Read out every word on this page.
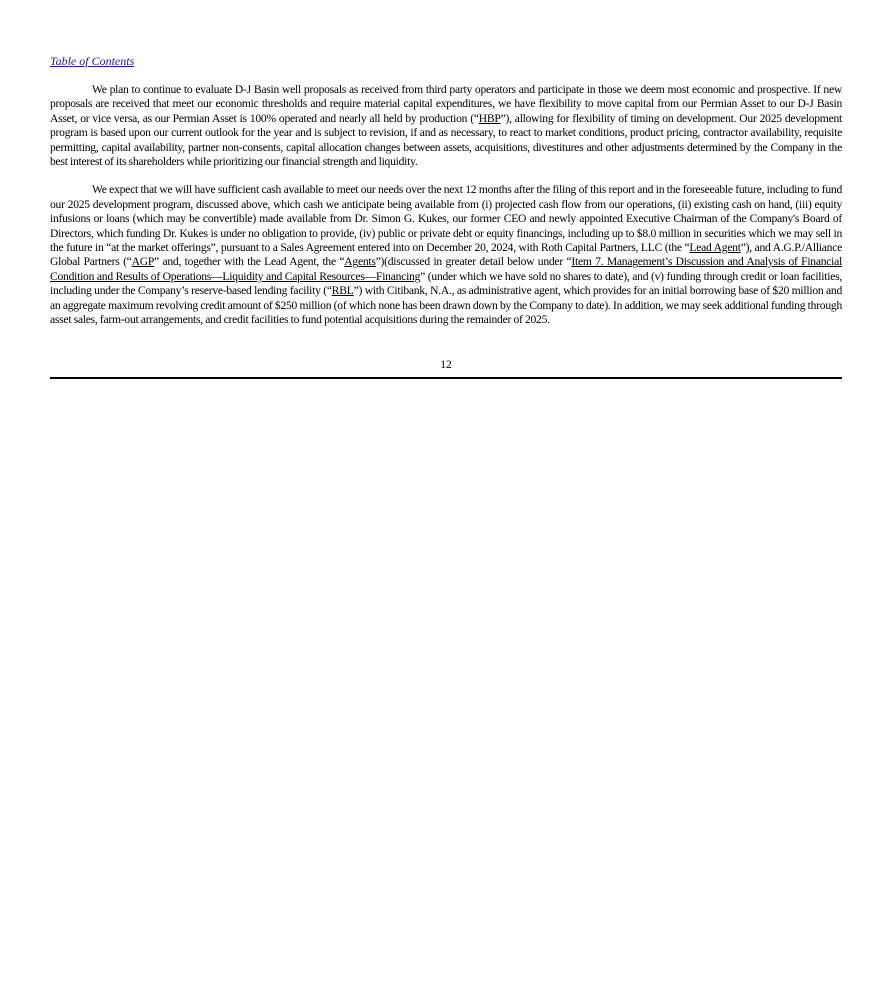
Table of Contents

We plan to continue to evaluate D-J Basin well proposals as received from third party operators and participate in those we deem most economic and prospective. If new proposals are received that meet our economic thresholds and require material capital expenditures, we have flexibility to move capital from our Permian Asset to our D-J Basin Asset, or vice versa, as our Permian Asset is 100% operated and nearly all held by production (“HBP”), allowing for flexibility of timing on development. Our 2025 development program is based upon our current outlook for the year and is subject to revision, if and as necessary, to react to market conditions, product pricing, contractor availability, requisite permitting, capital availability, partner non-consents, capital allocation changes between assets, acquisitions, divestitures and other adjustments determined by the Company in the best interest of its shareholders while prioritizing our financial strength and liquidity.

We expect that we will have sufficient cash available to meet our needs over the next 12 months after the filing of this report and in the foreseeable future, including to fund our 2025 development program, discussed above, which cash we anticipate being available from (i) projected cash flow from our operations, (ii) existing cash on hand, (iii) equity infusions or loans (which may be convertible) made available from Dr. Simon G. Kukes, our former CEO and newly appointed Executive Chairman of the Company's Board of Directors, which funding Dr. Kukes is under no obligation to provide, (iv) public or private debt or equity financings, including up to $8.0 million in securities which we may sell in the future in “at the market offerings”, pursuant to a Sales Agreement entered into on December 20, 2024, with Roth Capital Partners, LLC (the “Lead Agent”), and A.G.P./Alliance Global Partners (“AGP” and, together with the Lead Agent, the “Agents”)(discussed in greater detail below under “Item 7. Management’s Discussion and Analysis of Financial Condition and Results of Operations—Liquidity and Capital Resources—Financing” (under which we have sold no shares to date), and (v) funding through credit or loan facilities, including under the Company’s reserve-based lending facility (“RBL”) with Citibank, N.A., as administrative agent, which provides for an initial borrowing base of $20 million and an aggregate maximum revolving credit amount of $250 million (of which none has been drawn down by the Company to date). In addition, we may seek additional funding through asset sales, farm-out arrangements, and credit facilities to fund potential acquisitions during the remainder of 2025.

12
